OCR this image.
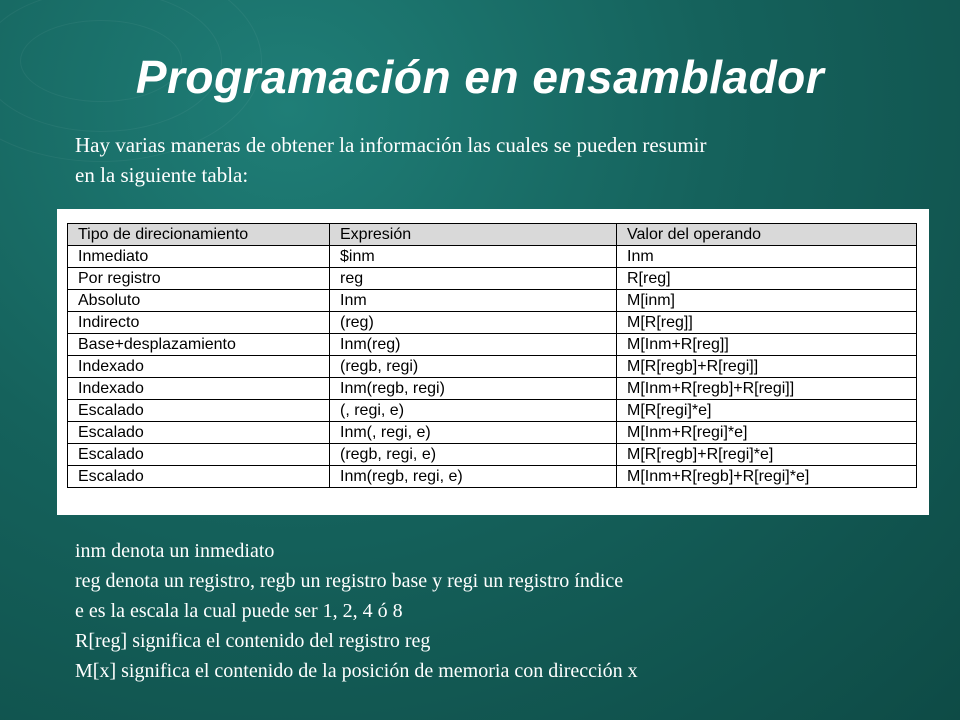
Programación en ensamblador
Hay varias maneras de obtener la información las cuales se pueden resumir
en la siguiente tabla:
Tipo de direcionamiento	Expresión	Valor del operando
Inmediato	$inm	Inm
Por registro	reg	R[reg]
Absoluto	Inm	M[inm]
Indirecto	(reg)	M[R[reg]]
Base+desplazamiento	Inm(reg)	M[Inm+R[reg]]
Indexado	(regb, regi)	M[R[regb]+R[regi]]
Indexado	Inm(regb, regi)	M[Inm+R[regb]+R[regi]]
Escalado	(, regi, e)	M[R[regi]*e]
Escalado	Inm(, regi, e)	M[Inm+R[regi]*e]
Escalado	(regb, regi, e)	M[R[regb]+R[regi]*e]
Escalado	Inm(regb, regi, e)	M[Inm+R[regb]+R[regi]*e]
inm denota un inmediato
reg denota un registro, regb un registro base y regi un registro índice
e es la escala la cual puede ser 1, 2, 4 ó 8
R[reg] significa el contenido del registro reg
M[x] significa el contenido de la posición de memoria con dirección x
